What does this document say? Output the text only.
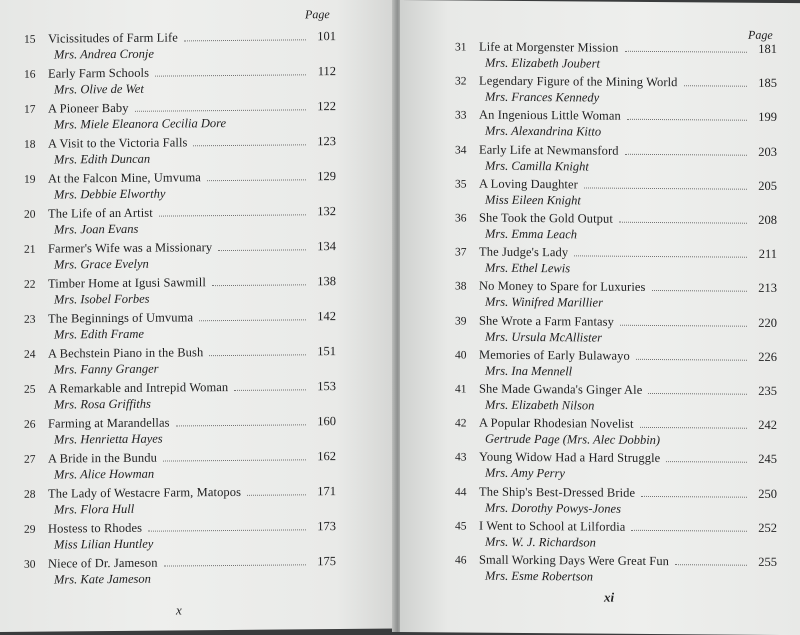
Page
15	Vicissitudes of Farm Life	101
Mrs. Andrea Cronje
16	Early Farm Schools	112
Mrs. Olive de Wet
17	A Pioneer Baby	122
Mrs. Miele Eleanora Cecilia Dore
18	A Visit to the Victoria Falls	123
Mrs. Edith Duncan
19	At the Falcon Mine, Umvuma	129
Mrs. Debbie Elworthy
20	The Life of an Artist	132
Mrs. Joan Evans
21	Farmer's Wife was a Missionary	134
Mrs. Grace Evelyn
22	Timber Home at Igusi Sawmill	138
Mrs. Isobel Forbes
23	The Beginnings of Umvuma	142
Mrs. Edith Frame
24	A Bechstein Piano in the Bush	151
Mrs. Fanny Granger
25	A Remarkable and Intrepid Woman	153
Mrs. Rosa Griffiths
26	Farming at Marandellas	160
Mrs. Henrietta Hayes
27	A Bride in the Bundu	162
Mrs. Alice Howman
28	The Lady of Westacre Farm, Matopos	171
Mrs. Flora Hull
29	Hostess to Rhodes	173
Miss Lilian Huntley
30	Niece of Dr. Jameson	175
Mrs. Kate Jameson
x
Page
31	Life at Morgenster Mission	181
Mrs. Elizabeth Joubert
32	Legendary Figure of the Mining World	185
Mrs. Frances Kennedy
33	An Ingenious Little Woman	199
Mrs. Alexandrina Kitto
34	Early Life at Newmansford	203
Mrs. Camilla Knight
35	A Loving Daughter	205
Miss Eileen Knight
36	She Took the Gold Output	208
Mrs. Emma Leach
37	The Judge's Lady	211
Mrs. Ethel Lewis
38	No Money to Spare for Luxuries	213
Mrs. Winifred Marillier
39	She Wrote a Farm Fantasy	220
Mrs. Ursula McAllister
40	Memories of Early Bulawayo	226
Mrs. Ina Mennell
41	She Made Gwanda's Ginger Ale	235
Mrs. Elizabeth Nilson
42	A Popular Rhodesian Novelist	242
Gertrude Page (Mrs. Alec Dobbin)
43	Young Widow Had a Hard Struggle	245
Mrs. Amy Perry
44	The Ship's Best-Dressed Bride	250
Mrs. Dorothy Powys-Jones
45	I Went to School at Lilfordia	252
Mrs. W. J. Richardson
46	Small Working Days Were Great Fun	255
Mrs. Esme Robertson
xi
